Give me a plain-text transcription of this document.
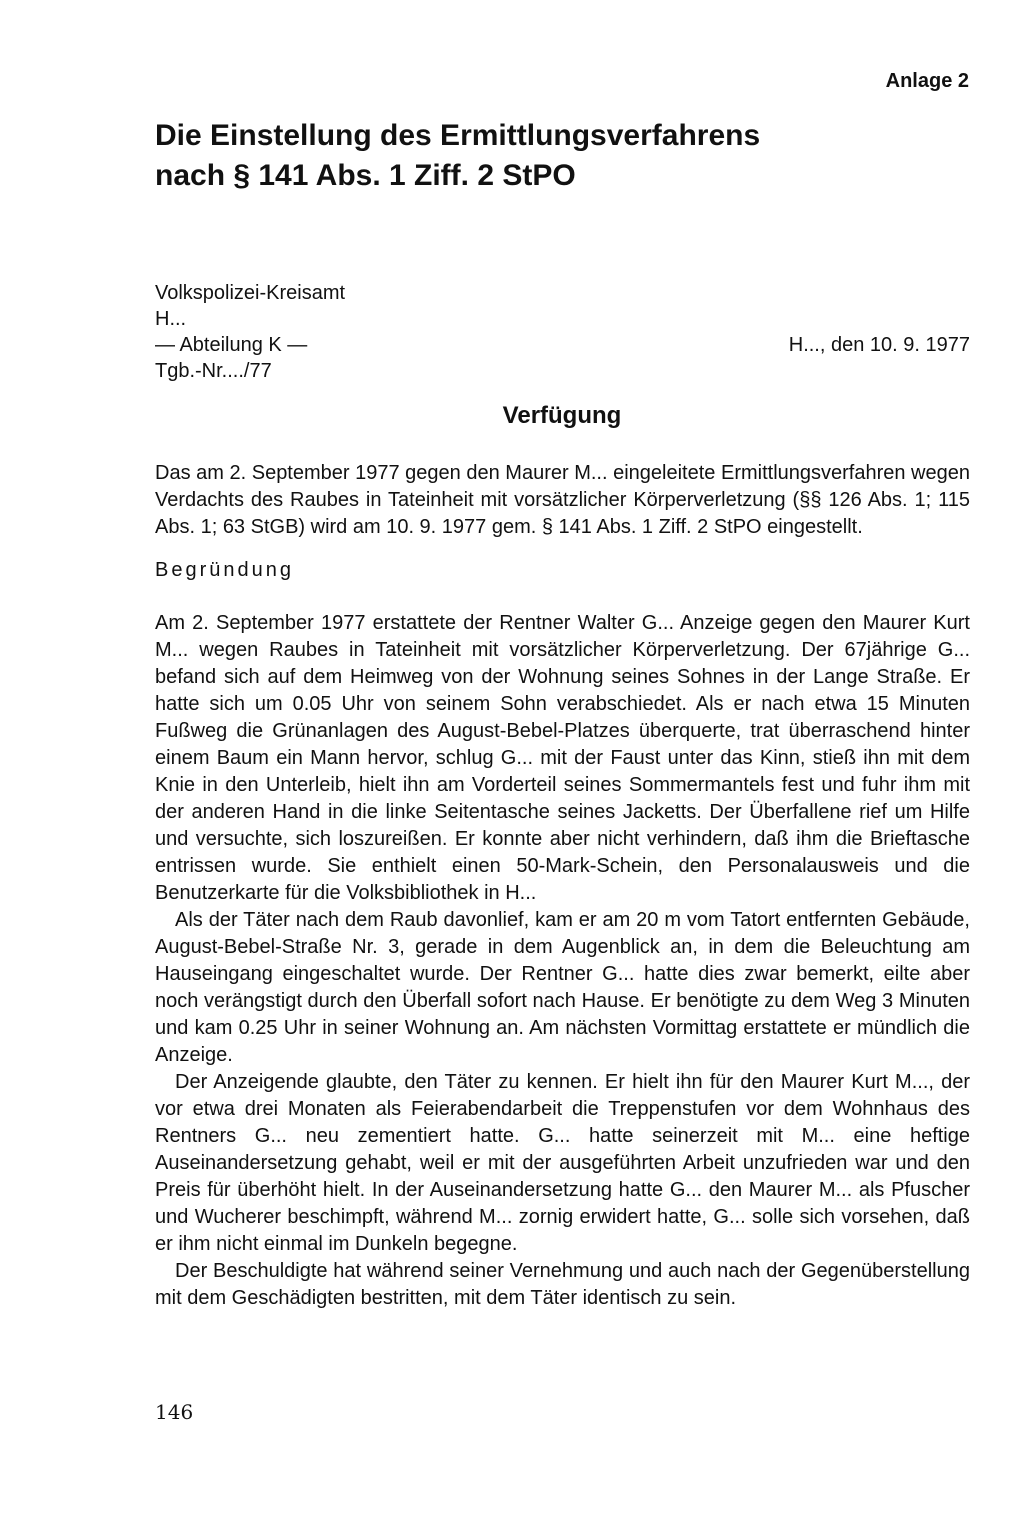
Anlage 2
Die Einstellung des Ermittlungsverfahrens
nach § 141 Abs. 1 Ziff. 2 StPO
Volkspolizei-Kreisamt
H...
— Abteilung K —	H..., den 10. 9. 1977
Tgb.-Nr..../77
Verfügung

Das am 2. September 1977 gegen den Maurer M... eingeleitete Ermittlungsverfahren wegen Verdachts des Raubes in Tateinheit mit vorsätzlicher Körperverletzung (§§ 126 Abs. 1; 115 Abs. 1; 63 StGB) wird am 10. 9. 1977 gem. § 141 Abs. 1 Ziff. 2 StPO eingestellt.

Begründung

Am 2. September 1977 erstattete der Rentner Walter G... Anzeige gegen den Maurer Kurt M... wegen Raubes in Tateinheit mit vorsätzlicher Körperverletzung. Der 67jährige G... befand sich auf dem Heimweg von der Wohnung seines Sohnes in der Lange Straße. Er hatte sich um 0.05 Uhr von seinem Sohn verabschiedet. Als er nach etwa 15 Minuten Fußweg die Grünanlagen des August-Bebel-Platzes überquerte, trat überraschend hinter einem Baum ein Mann hervor, schlug G... mit der Faust unter das Kinn, stieß ihn mit dem Knie in den Unterleib, hielt ihn am Vorderteil seines Sommermantels fest und fuhr ihm mit der anderen Hand in die linke Seitentasche seines Jacketts. Der Überfallene rief um Hilfe und versuchte, sich loszureißen. Er konnte aber nicht verhindern, daß ihm die Brieftasche entrissen wurde. Sie enthielt einen 50-Mark-Schein, den Personalausweis und die Benutzerkarte für die Volksbibliothek in H...

Als der Täter nach dem Raub davonlief, kam er am 20 m vom Tatort entfernten Gebäude, August-Bebel-Straße Nr. 3, gerade in dem Augenblick an, in dem die Beleuchtung am Hauseingang eingeschaltet wurde. Der Rentner G... hatte dies zwar bemerkt, eilte aber noch verängstigt durch den Überfall sofort nach Hause. Er benötigte zu dem Weg 3 Minuten und kam 0.25 Uhr in seiner Wohnung an. Am nächsten Vormittag erstattete er mündlich die Anzeige.

Der Anzeigende glaubte, den Täter zu kennen. Er hielt ihn für den Maurer Kurt M..., der vor etwa drei Monaten als Feierabendarbeit die Treppenstufen vor dem Wohnhaus des Rentners G... neu zementiert hatte. G... hatte seinerzeit mit M... eine heftige Auseinandersetzung gehabt, weil er mit der ausgeführten Arbeit unzufrieden war und den Preis für überhöht hielt. In der Auseinandersetzung hatte G... den Maurer M... als Pfuscher und Wucherer beschimpft, während M... zornig erwidert hatte, G... solle sich vorsehen, daß er ihm nicht einmal im Dunkeln begegne.

Der Beschuldigte hat während seiner Vernehmung und auch nach der Gegenüberstellung mit dem Geschädigten bestritten, mit dem Täter identisch zu sein.

146
